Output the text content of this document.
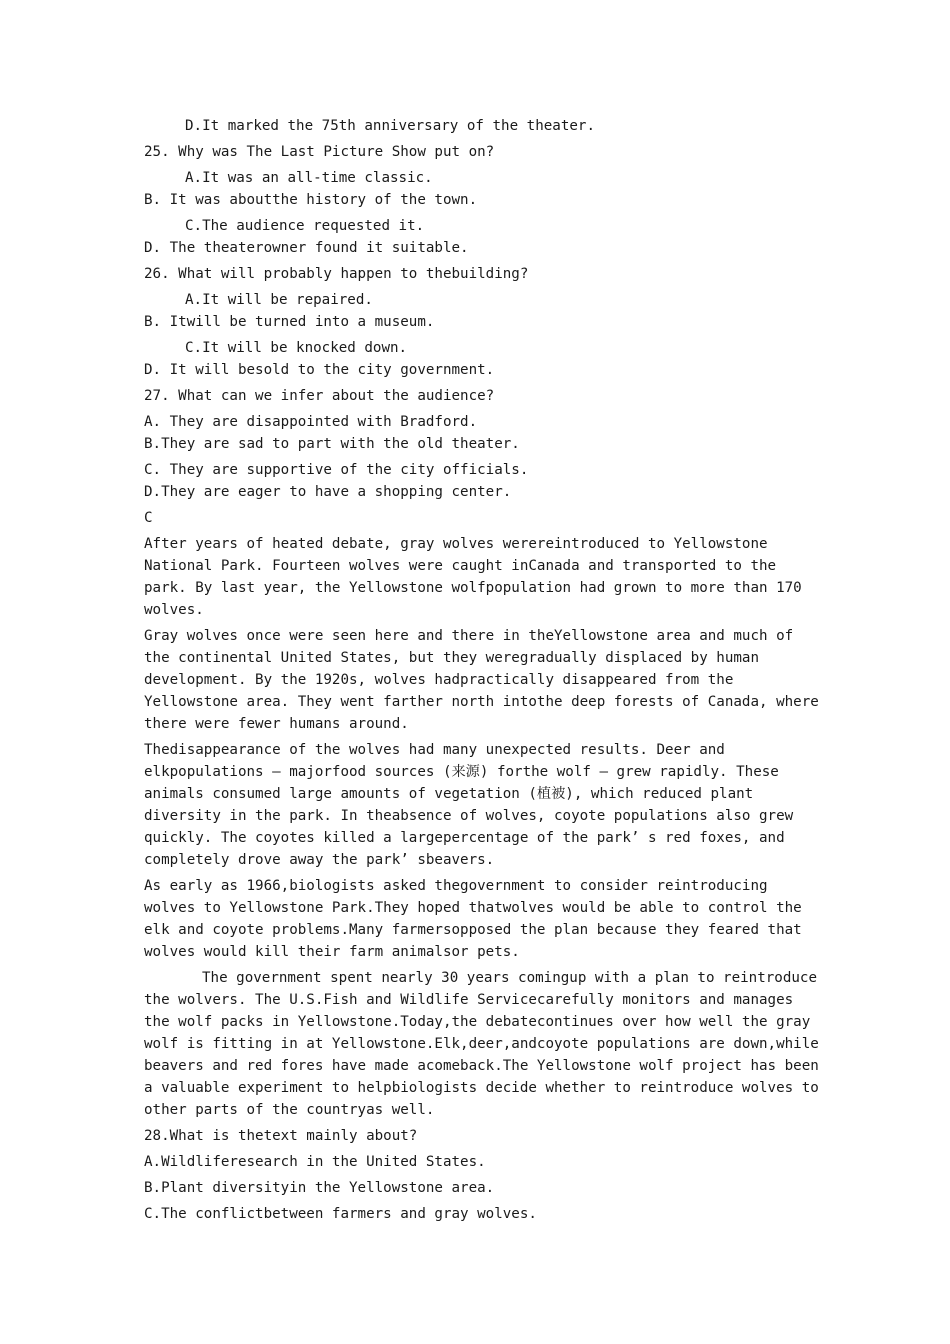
D.It marked the 75th anniversary of the theater.

25. Why was The Last Picture Show put on?

A.It was an all-time classic.

B. It was aboutthe history of the town.

C.The audience requested it.

D. The theaterowner found it suitable.

26. What will probably happen to thebuilding?

A.It will be repaired.

B. Itwill be turned into a museum.

C.It will be knocked down.

D. It will besold to the city government.

27. What can we infer about the audience?

A. They are disappointed with Bradford.

B.They are sad to part with the old theater.

C. They are supportive of the city officials.

D.They are eager to have a shopping center.

C

After years of heated debate, gray wolves werereintroduced to Yellowstone
National Park. Fourteen wolves were caught inCanada and transported to the
park. By last year, the Yellowstone wolfpopulation had grown to more than 170
wolves.
Gray wolves once were seen here and there in theYellowstone area and much of
the continental United States, but they weregradually displaced by human
development. By the 1920s, wolves hadpractically disappeared from the
Yellowstone area. They went farther north intothe deep forests of Canada, where
there were fewer humans around.
Thedisappearance of the wolves had many unexpected results. Deer and
elkpopulations — majorfood sources (来源) forthe wolf – grew rapidly. These
animals consumed large amounts of vegetation (植被), which reduced plant
diversity in the park. In theabsence of wolves, coyote populations also grew
quickly. The coyotes killed a largepercentage of the park’ s red foxes, and
completely drove away the park’ sbeavers.
As early as 1966,biologists asked thegovernment to consider reintroducing
wolves to Yellowstone Park.They hoped thatwolves would be able to control the
elk and coyote problems.Many farmersopposed the plan because they feared that
wolves would kill their farm animalsor pets.
The government spent nearly 30 years comingup with a plan to reintroduce
the wolvers. The U.S.Fish and Wildlife Servicecarefully monitors and manages
the wolf packs in Yellowstone.Today,the debatecontinues over how well the gray
wolf is fitting in at Yellowstone.Elk,deer,andcoyote populations are down,while
beavers and red fores have made acomeback.The Yellowstone wolf project has been
a valuable experiment to helpbiologists decide whether to reintroduce wolves to
other parts of the countryas well.

28.What is thetext mainly about?

A.Wildliferesearch in the United States.

B.Plant diversityin the Yellowstone area.

C.The conflictbetween farmers and gray wolves.
